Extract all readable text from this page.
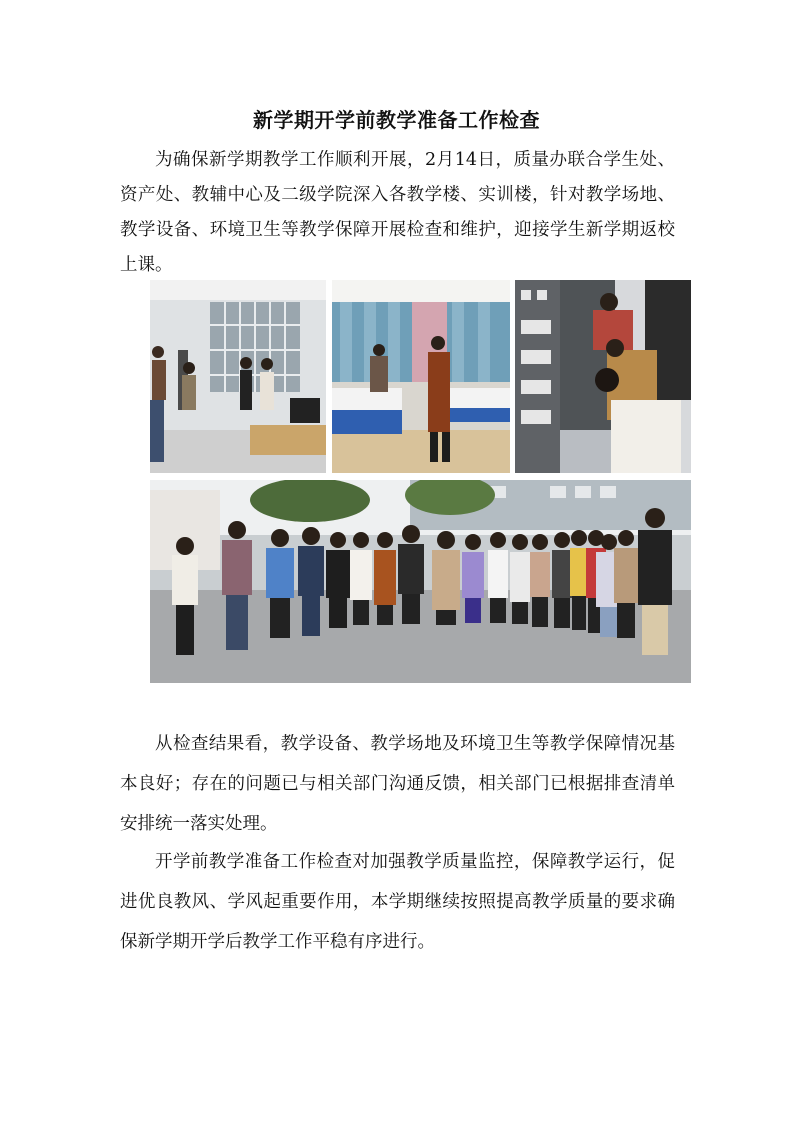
新学期开学前教学准备工作检查

为确保新学期教学工作顺利开展，2月14日，质量办联合学生处、资产处、教辅中心及二级学院深入各教学楼、实训楼，针对教学场地、教学设备、环境卫生等教学保障开展检查和维护，迎接学生新学期返校上课。

从检查结果看，教学设备、教学场地及环境卫生等教学保障情况基本良好；存在的问题已与相关部门沟通反馈，相关部门已根据排查清单安排统一落实处理。

开学前教学准备工作检查对加强教学质量监控，保障教学运行，促进优良教风、学风起重要作用，本学期继续按照提高教学质量的要求确保新学期开学后教学工作平稳有序进行。
